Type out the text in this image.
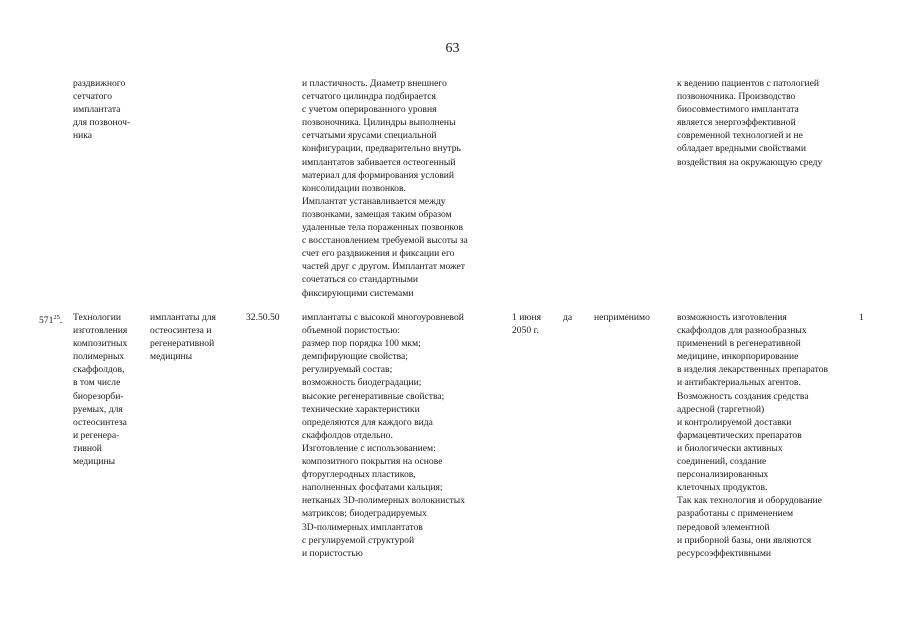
63
раздвижного
сетчатого
имплантата
для позвоноч-
ника
и пластичность. Диаметр внешнего
сетчатого цилиндра подбирается
с учетом оперированного уровня
позвоночника. Цилиндры выполнены
сетчатыми ярусами специальной
конфигурации, предварительно внутрь
имплантатов забивается остеогенный
материал для формирования условий
консолидации позвонков.
Имплантат устанавливается между
позвонками, замещая таким образом
удаленные тела пораженных позвонков
с восстановлением требуемой высоты за
счет его раздвижения и фиксации его
частей друг с другом. Имплантат может
сочетаться со стандартными
фиксирующими системами
к ведению пациентов с патологией
позвоночника. Производство
биосовместимого имплантата
является энергоэффективной
современной технологией и не
обладает вредными свойствами
воздействия на окружающую среду
$571^{25}$. Технологии
изготовления
композитных
полимерных
скаффолдов,
в том числе
биорезорби-
руемых, для
остеосинтеза
и регенера-
тивной
медицины
имплантаты для
остеосинтеза и
регенеративной
медицины
32.50.50 имплантаты с высокой многоуровневой
объемной пористостью:
размер пор порядка 100 мкм;
демпфирующие свойства;
регулируемый состав;
возможность биодеградации;
высокие регенеративные свойства;
технические характеристики
определяются для каждого вида
скаффолдов отдельно.
Изготовление с использованием:
композитного покрытия на основе
фторуглеродных пластиков,
наполненных фосфатами кальция;
нетканых 3D-полимерных волокнистых
матриксов; биодеградируемых
3D-полимерных имплантатов
с регулируемой структурой
и пористостью
1 июня
2050 г.
да неприменимо	возможность изготовления
скаффолдов для разнообразных
применений в регенеративной
медицине, инкорпорирование
в изделия лекарственных препаратов
и антибактериальных агентов.
Возможность создания средства
адресной (таргетной)
и контролируемой доставки
фармацевтических препаратов
и биологически активных
соединений, создание
персонализированных
клеточных продуктов.
Так как технология и оборудование
разработаны с применением
передовой элементной
и приборной базы, они являются
ресурсоэффективными
1
